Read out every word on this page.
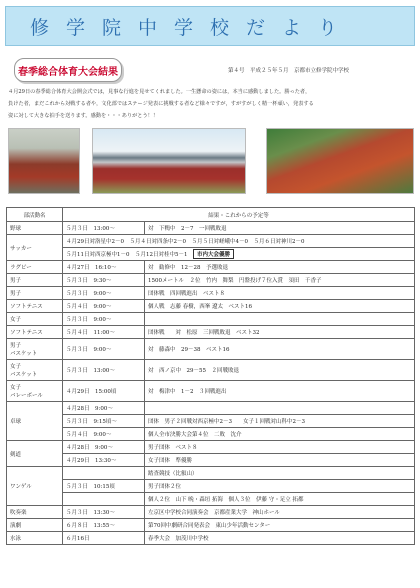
修学院中学校だより
春季総合体育大会結果	第４号　平成２５年５月　京都市立修学院中学校
４月29日の春季総合体育大会開会式では，見事な行進を見せてくれました。一生懸命の姿には，本当に感動しました。勝った者，
負けた者，まだこれから対戦する者や，文化部ではステージ発表に挑戦する者など様々ですが，すがすがしく精一杯頑い，発表する
姿に対して大きな拍手を送ります。感動を・・・ありがとう！！
部活動名	結果・これからの予定等	
野球	５月３日　13:00～	対　下鴨中　2－7　一回戦敗退
サッカー	４月29日対洛星中2－0　５月４日対四条中2－0　５月５日対嵯峨中4－0　５月６日対神川2－0	
	５月11日対西京極中1－0　５月12日対桂中5－1　 市内大会優勝	
ラグビー	４月27日　16:10～	対　勧修中　12－28　予選敗退
男子	５月３日　9:30～	1500メートル　２位　竹内　舞梨　円盤投げ７位入賞　須田　千香子
男子	５月３日　9:00～	団体戦　四回戦進出　ベスト８
ソフトテニス	５月４日　9:00～	個人戦　志藤 春樹，西峯 遼太　ベスト16
女子	５月３日　9:00～	
ソフトテニス	５月４日　11:00～	団体戦　　対　松原　三回戦敗退　ベスト32
男子
バスケット	５月３日　9:00～	対　藤森中　29－38　ベスト16
女子
バスケット	５月３日　13:00～	対　西ノ京中　29－55　２回戦敗退
女子
バレーボール	４月29日　15:00頃	対　梅津中　1－2　３回戦進出
卓球	４月28日　9:00～	
	５月３日　9:15頃～	団体　男子２回戦対西京極中2－3　　女子１回戦対山科中2－3
	５月４日　9:00～	個人全市決勝大会第４位　二敗　沈介
剣道	４月28日　9:00～	男子団体　ベスト８
	４月29日　13:30～	女子団体　準優勝
ワンゲル		踏査競技（比叡山）
	５月３日　10:15頃	男子団体２位
		個人２位　山下 晩・森垣 拓海　個人３位　伊藤 守・足立 拓都
吹奏楽	５月３日　13:30～	左京区中学校合同演奏会　京都産業大学　神山ホール
演劇	６月８日　13:55～	第70回中劇研合同発表会　東山少年活動センター
水泳	６月16日	春季大会　加茂川中学校
